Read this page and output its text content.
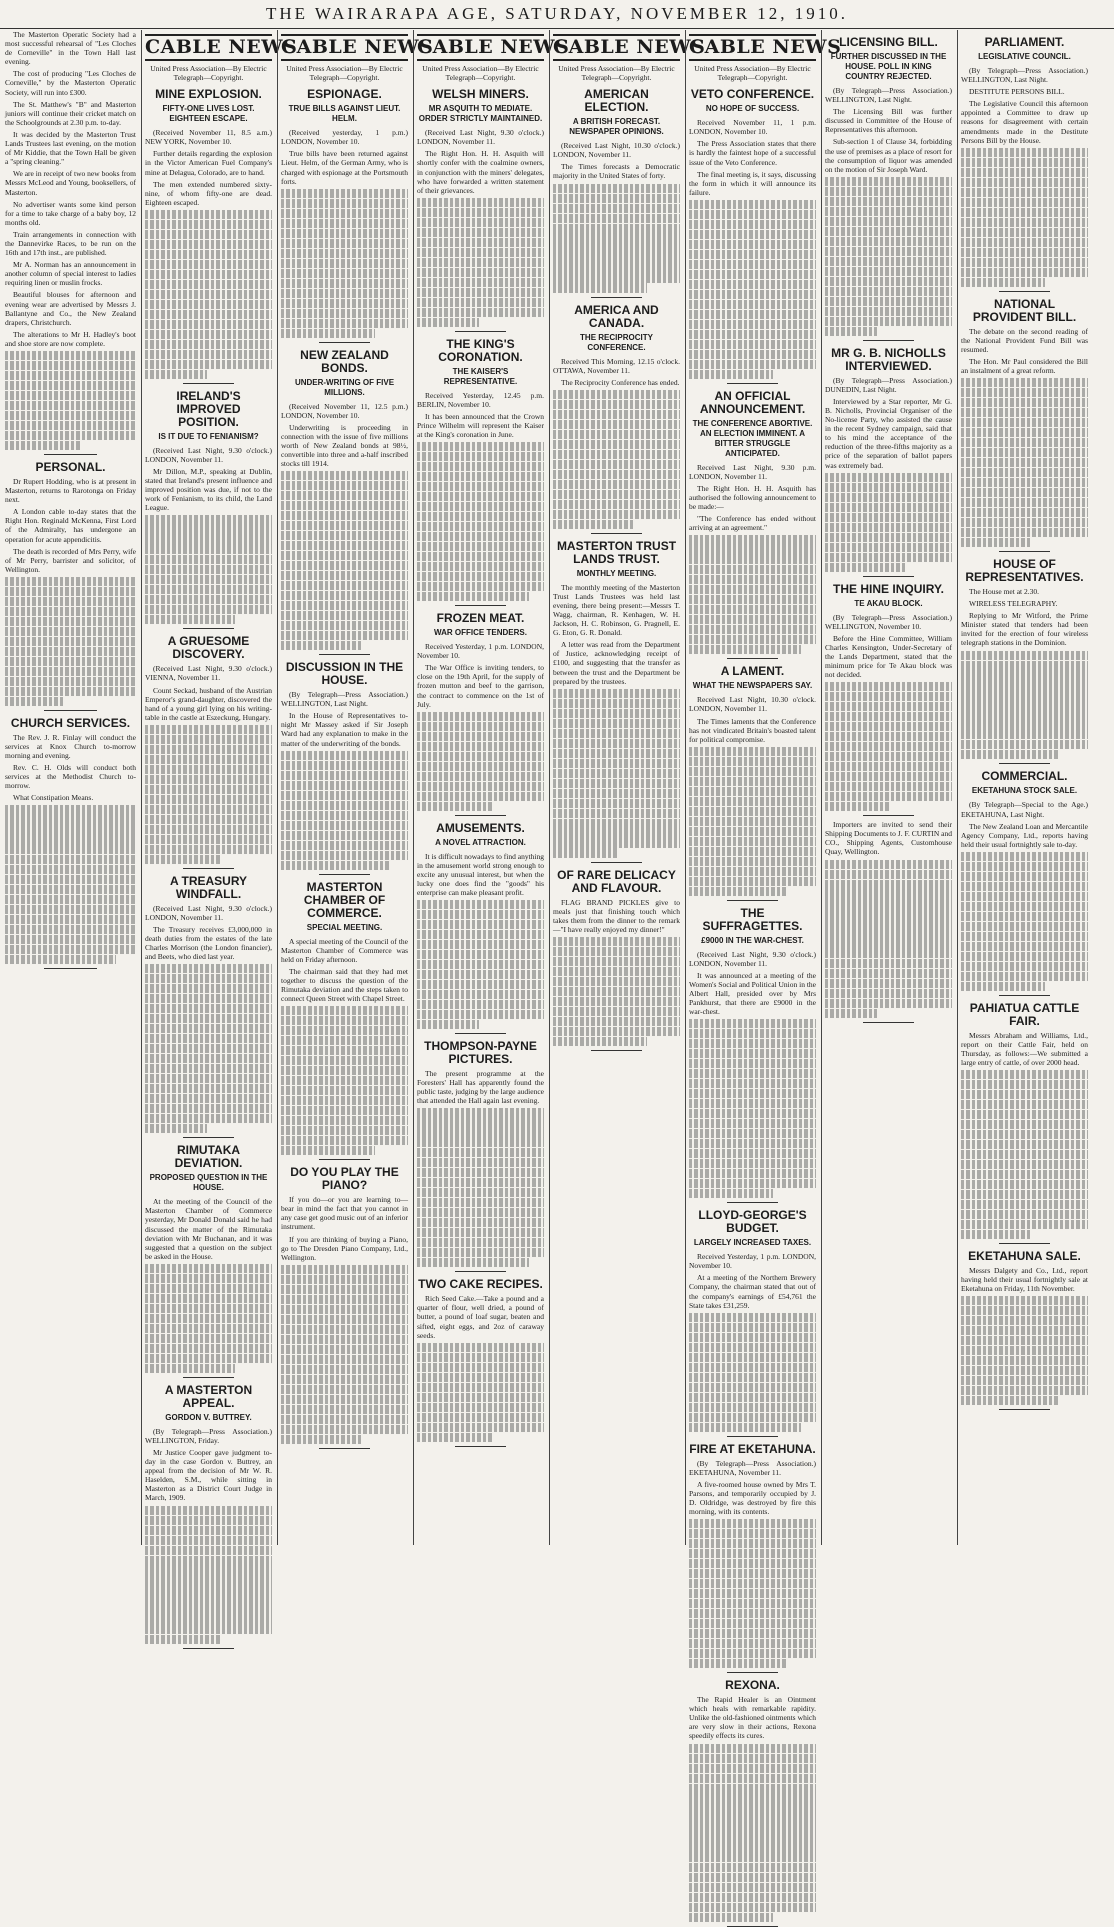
THE WAIRARAPA AGE, SATURDAY, NOVEMBER 12, 1910.

The Masterton Operatic Society had a most successful rehearsal of "Les Cloches de Corneville" in the Town Hall last evening.

The cost of producing "Les Cloches de Corneville," by the Masterton Operatic Society, will run into £300.

The St. Matthew's "B" and Masterton juniors will continue their cricket match on the Schoolgrounds at 2.30 p.m. to-day.

It was decided by the Masterton Trust Lands Trustees last evening, on the motion of Mr Kiddie, that the Town Hall be given a "spring cleaning."

We are in receipt of two new books from Messrs McLeod and Young, booksellers, of Masterton.

No advertiser wants some kind person for a time to take charge of a baby boy, 12 months old.

Train arrangements in connection with the Dannevirke Races, to be run on the 16th and 17th inst., are published.

Mr A. Norman has an announcement in another column of special interest to ladies requiring linen or muslin frocks.

Beautiful blouses for afternoon and evening wear are advertised by Messrs J. Ballantyne and Co., the New Zealand drapers, Christchurch.

The alterations to Mr H. Hadley's boot and shoe store are now complete.

PERSONAL.

Dr Rupert Hodding, who is at present in Masterton, returns to Rarotonga on Friday next.

A London cable to-day states that the Right Hon. Reginald McKenna, First Lord of the Admiralty, has undergone an operation for acute appendicitis.

The death is recorded of Mrs Perry, wife of Mr Perry, barrister and solicitor, of Wellington.

CHURCH SERVICES.

The Rev. J. R. Finlay will conduct the services at Knox Church to-morrow morning and evening.

Rev. C. H. Olds will conduct both services at the Methodist Church to-morrow.

What Constipation Means.

CABLE NEWS
United Press Association—By Electric Telegraph—Copyright.
MINE EXPLOSION.
FIFTY-ONE LIVES LOST. EIGHTEEN ESCAPE.

(Received November 11, 8.5 a.m.) NEW YORK, November 10.

Further details regarding the explosion in the Victor American Fuel Company's mine at Delagua, Colorado, are to hand.

The men extended numbered sixty-nine, of whom fifty-one are dead. Eighteen escaped.

IRELAND'S IMPROVED POSITION.
IS IT DUE TO FENIANISM?

(Received Last Night, 9.30 o'clock.) LONDON, November 11.

Mr Dillon, M.P., speaking at Dublin, stated that Ireland's present influence and improved position was due, if not to the work of Fenianism, to its child, the Land League.

A GRUESOME DISCOVERY.

(Received Last Night, 9.30 o'clock.) VIENNA, November 11.

Count Seckad, husband of the Austrian Emperor's grand-daughter, discovered the hand of a young girl lying on his writing-table in the castle at Eszeckung, Hungary.

A TREASURY WINDFALL.

(Received Last Night, 9.30 o'clock.) LONDON, November 11.

The Treasury receives £3,000,000 in death duties from the estates of the late Charles Morrison (the London financier), and Beets, who died last year.

RIMUTAKA DEVIATION.
PROPOSED QUESTION IN THE HOUSE.

At the meeting of the Council of the Masterton Chamber of Commerce yesterday, Mr Donald Donald said he had discussed the matter of the Rimutaka deviation with Mr Buchanan, and it was suggested that a question on the subject be asked in the House.

A MASTERTON APPEAL.
GORDON V. BUTTREY.

(By Telegraph—Press Association.) WELLINGTON, Friday.

Mr Justice Cooper gave judgment to-day in the case Gordon v. Buttrey, an appeal from the decision of Mr W. R. Haselden, S.M., while sitting in Masterton as a District Court Judge in March, 1909.

CABLE NEWS
United Press Association—By Electric Telegraph—Copyright.
ESPIONAGE.
TRUE BILLS AGAINST LIEUT. HELM.

(Received yesterday, 1 p.m.) LONDON, November 10.

True bills have been returned against Lieut. Helm, of the German Army, who is charged with espionage at the Portsmouth forts.

NEW ZEALAND BONDS.
UNDER-WRITING OF FIVE MILLIONS.

(Received November 11, 12.5 p.m.) LONDON, November 10.

Underwriting is proceeding in connection with the issue of five millions worth of New Zealand bonds at 98½, convertible into three and a-half inscribed stocks till 1914.

DISCUSSION IN THE HOUSE.

(By Telegraph—Press Association.) WELLINGTON, Last Night.

In the House of Representatives to-night Mr Massey asked if Sir Joseph Ward had any explanation to make in the matter of the underwriting of the bonds.

MASTERTON CHAMBER OF COMMERCE.
SPECIAL MEETING.

A special meeting of the Council of the Masterton Chamber of Commerce was held on Friday afternoon.

The chairman said that they had met together to discuss the question of the Rimutaka deviation and the steps taken to connect Queen Street with Chapel Street.

DO YOU PLAY THE PIANO?

If you do—or you are learning to—bear in mind the fact that you cannot in any case get good music out of an inferior instrument.

If you are thinking of buying a Piano, go to The Dresden Piano Company, Ltd., Wellington.

CABLE NEWS
United Press Association—By Electric Telegraph—Copyright.
WELSH MINERS.
MR ASQUITH TO MEDIATE. ORDER STRICTLY MAINTAINED.

(Received Last Night, 9.30 o'clock.) LONDON, November 11.

The Right Hon. H. H. Asquith will shortly confer with the coalmine owners, in conjunction with the miners' delegates, who have forwarded a written statement of their grievances.

THE KING'S CORONATION.
THE KAISER'S REPRESENTATIVE.

Received Yesterday, 12.45 p.m. BERLIN, November 10.

It has been announced that the Crown Prince Wilhelm will represent the Kaiser at the King's coronation in June.

FROZEN MEAT.
WAR OFFICE TENDERS.

Received Yesterday, 1 p.m. LONDON, November 10.

The War Office is inviting tenders, to close on the 19th April, for the supply of frozen mutton and beef to the garrison, the contract to commence on the 1st of July.

AMUSEMENTS.
A NOVEL ATTRACTION.

It is difficult nowadays to find anything in the amusement world strong enough to excite any unusual interest, but when the lucky one does find the "goods" his enterprise can make pleasant profit.

THOMPSON-PAYNE PICTURES.

The present programme at the Foresters' Hall has apparently found the public taste, judging by the large audience that attended the Hall again last evening.

TWO CAKE RECIPES.

Rich Seed Cake.—Take a pound and a quarter of flour, well dried, a pound of butter, a pound of loaf sugar, beaten and sifted, eight eggs, and 2oz of caraway seeds.

CABLE NEWS
United Press Association—By Electric Telegraph—Copyright.
AMERICAN ELECTION.
A BRITISH FORECAST. NEWSPAPER OPINIONS.

(Received Last Night, 10.30 o'clock.) LONDON, November 11.

The Times forecasts a Democratic majority in the United States of forty.

AMERICA AND CANADA.
THE RECIPROCITY CONFERENCE.

Received This Morning, 12.15 o'clock. OTTAWA, November 11.

The Reciprocity Conference has ended.

MASTERTON TRUST LANDS TRUST.
MONTHLY MEETING.

The monthly meeting of the Masterton Trust Lands Trustees was held last evening, there being present:—Messrs T. Wagg, chairman, R. Kenhagen, W. H. Jackson, H. C. Robinson, G. Pragnell, E. G. Eton, G. R. Donald.

A letter was read from the Department of Justice, acknowledging receipt of £100, and suggesting that the transfer as between the trust and the Department be prepared by the trustees.

OF RARE DELICACY AND FLAVOUR.

FLAG BRAND PICKLES give to meals just that finishing touch which takes them from the dinner to the remark—"I have really enjoyed my dinner!"

CABLE NEWS
United Press Association—By Electric Telegraph—Copyright.
VETO CONFERENCE.
NO HOPE OF SUCCESS.

Received November 11, 1 p.m. LONDON, November 10.

The Press Association states that there is hardly the faintest hope of a successful issue of the Veto Conference.

The final meeting is, it says, discussing the form in which it will announce its failure.

AN OFFICIAL ANNOUNCEMENT.
THE CONFERENCE ABORTIVE. AN ELECTION IMMINENT. A BITTER STRUGGLE ANTICIPATED.

Received Last Night, 9.30 p.m. LONDON, November 11.

The Right Hon. H. H. Asquith has authorised the following announcement to be made:—

"The Conference has ended without arriving at an agreement."

A LAMENT.
WHAT THE NEWSPAPERS SAY.

Received Last Night, 10.30 o'clock. LONDON, November 11.

The Times laments that the Conference has not vindicated Britain's boasted talent for political compromise.

THE SUFFRAGETTES.
£9000 IN THE WAR-CHEST.

(Received Last Night, 9.30 o'clock.) LONDON, November 11.

It was announced at a meeting of the Women's Social and Political Union in the Albert Hall, presided over by Mrs Pankhurst, that there are £9000 in the war-chest.

LLOYD-GEORGE'S BUDGET.
LARGELY INCREASED TAXES.

Received Yesterday, 1 p.m. LONDON, November 10.

At a meeting of the Northern Brewery Company, the chairman stated that out of the company's earnings of £54,761 the State takes £31,259.

FIRE AT EKETAHUNA.

(By Telegraph—Press Association.) EKETAHUNA, November 11.

A five-roomed house owned by Mrs T. Parsons, and temporarily occupied by J. D. Oldridge, was destroyed by fire this morning, with its contents.

REXONA.

The Rapid Healer is an Ointment which heals with remarkable rapidity. Unlike the old-fashioned ointments which are very slow in their actions, Rexona speedily effects its cures.

LICENSING BILL.
FURTHER DISCUSSED IN THE HOUSE. POLL IN KING COUNTRY REJECTED.

(By Telegraph—Press Association.) WELLINGTON, Last Night.

The Licensing Bill was further discussed in Committee of the House of Representatives this afternoon.

Sub-section 1 of Clause 34, forbidding the use of premises as a place of resort for the consumption of liquor was amended on the motion of Sir Joseph Ward.

MR G. B. NICHOLLS INTERVIEWED.

(By Telegraph—Press Association.) DUNEDIN, Last Night.

Interviewed by a Star reporter, Mr G. B. Nicholls, Provincial Organiser of the No-license Party, who assisted the cause in the recent Sydney campaign, said that to his mind the acceptance of the reduction of the three-fifths majority as a price of the separation of ballot papers was extremely bad.

THE HINE INQUIRY.
TE AKAU BLOCK.

(By Telegraph—Press Association.) WELLINGTON, November 10.

Before the Hine Committee, William Charles Kensington, Under-Secretary of the Lands Department, stated that the minimum price for Te Akau block was not decided.

Importers are invited to send their Shipping Documents to J. F. CURTIN and CO., Shipping Agents, Customhouse Quay, Wellington.

PARLIAMENT.
LEGISLATIVE COUNCIL.

(By Telegraph—Press Association.) WELLINGTON, Last Night.

DESTITUTE PERSONS BILL.

The Legislative Council this afternoon appointed a Committee to draw up reasons for disagreement with certain amendments made in the Destitute Persons Bill by the House.

NATIONAL PROVIDENT BILL.

The debate on the second reading of the National Provident Fund Bill was resumed.

The Hon. Mr Paul considered the Bill an instalment of a great reform.

HOUSE OF REPRESENTATIVES.

The House met at 2.30.

WIRELESS TELEGRAPHY.

Replying to Mr Witford, the Prime Minister stated that tenders had been invited for the erection of four wireless telegraph stations in the Dominion.

COMMERCIAL.
EKETAHUNA STOCK SALE.

(By Telegraph—Special to the Age.) EKETAHUNA, Last Night.

The New Zealand Loan and Mercantile Agency Company, Ltd., reports having held their usual fortnightly sale to-day.

PAHIATUA CATTLE FAIR.

Messrs Abraham and Williams, Ltd., report on their Cattle Fair, held on Thursday, as follows:—We submitted a large entry of cattle, of over 2000 head.

EKETAHUNA SALE.

Messrs Dalgety and Co., Ltd., report having held their usual fortnightly sale at Eketahuna on Friday, 11th November.
